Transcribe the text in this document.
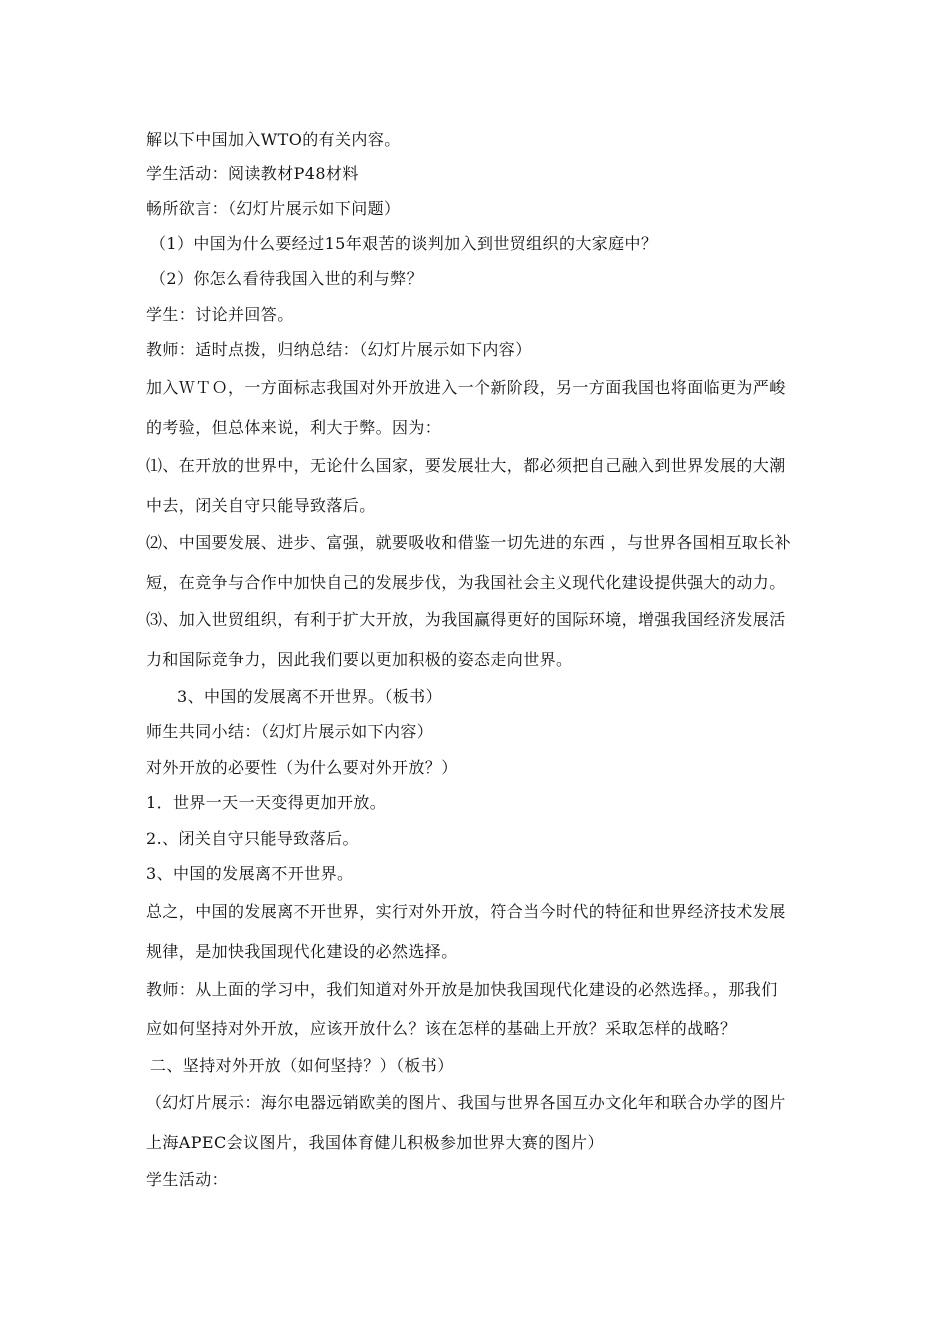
解以下中国加入WTO的有关内容。
学生活动：阅读教材P48材料
畅所欲言：（幻灯片展示如下问题）
（1）中国为什么要经过15年艰苦的谈判加入到世贸组织的大家庭中？
（2）你怎么看待我国入世的利与弊？
学生：讨论并回答。
教师：适时点拨，归纳总结：（幻灯片展示如下内容）
加入ＷＴＯ，一方面标志我国对外开放进入一个新阶段，另一方面我国也将面临更为严峻
的考验，但总体来说，利大于弊。因为：
⑴、在开放的世界中，无论什么国家，要发展壮大，都必须把自己融入到世界发展的大潮
中去，闭关自守只能导致落后。
⑵、中国要发展、进步、富强，就要吸收和借鉴一切先进的东西 ，与世界各国相互取长补
短，在竞争与合作中加快自己的发展步伐，为我国社会主义现代化建设提供强大的动力。
⑶、加入世贸组织，有利于扩大开放，为我国赢得更好的国际环境，增强我国经济发展活
力和国际竞争力，因此我们要以更加积极的姿态走向世界。
3、中国的发展离不开世界。（板书）
师生共同小结：（幻灯片展示如下内容）
对外开放的必要性（为什么要对外开放？）
1．世界一天一天变得更加开放。
2.、闭关自守只能导致落后。
3、中国的发展离不开世界。
总之，中国的发展离不开世界，实行对外开放，符合当今时代的特征和世界经济技术发展
规律，是加快我国现代化建设的必然选择。
教师：从上面的学习中，我们知道对外开放是加快我国现代化建设的必然选择。，那我们
应如何坚持对外开放，应该开放什么？该在怎样的基础上开放？采取怎样的战略？
二、坚持对外开放（如何坚持？）（板书）
（幻灯片展示：海尔电器远销欧美的图片、我国与世界各国互办文化年和联合办学的图片
上海APEC会议图片，我国体育健儿积极参加世界大赛的图片）
学生活动：
